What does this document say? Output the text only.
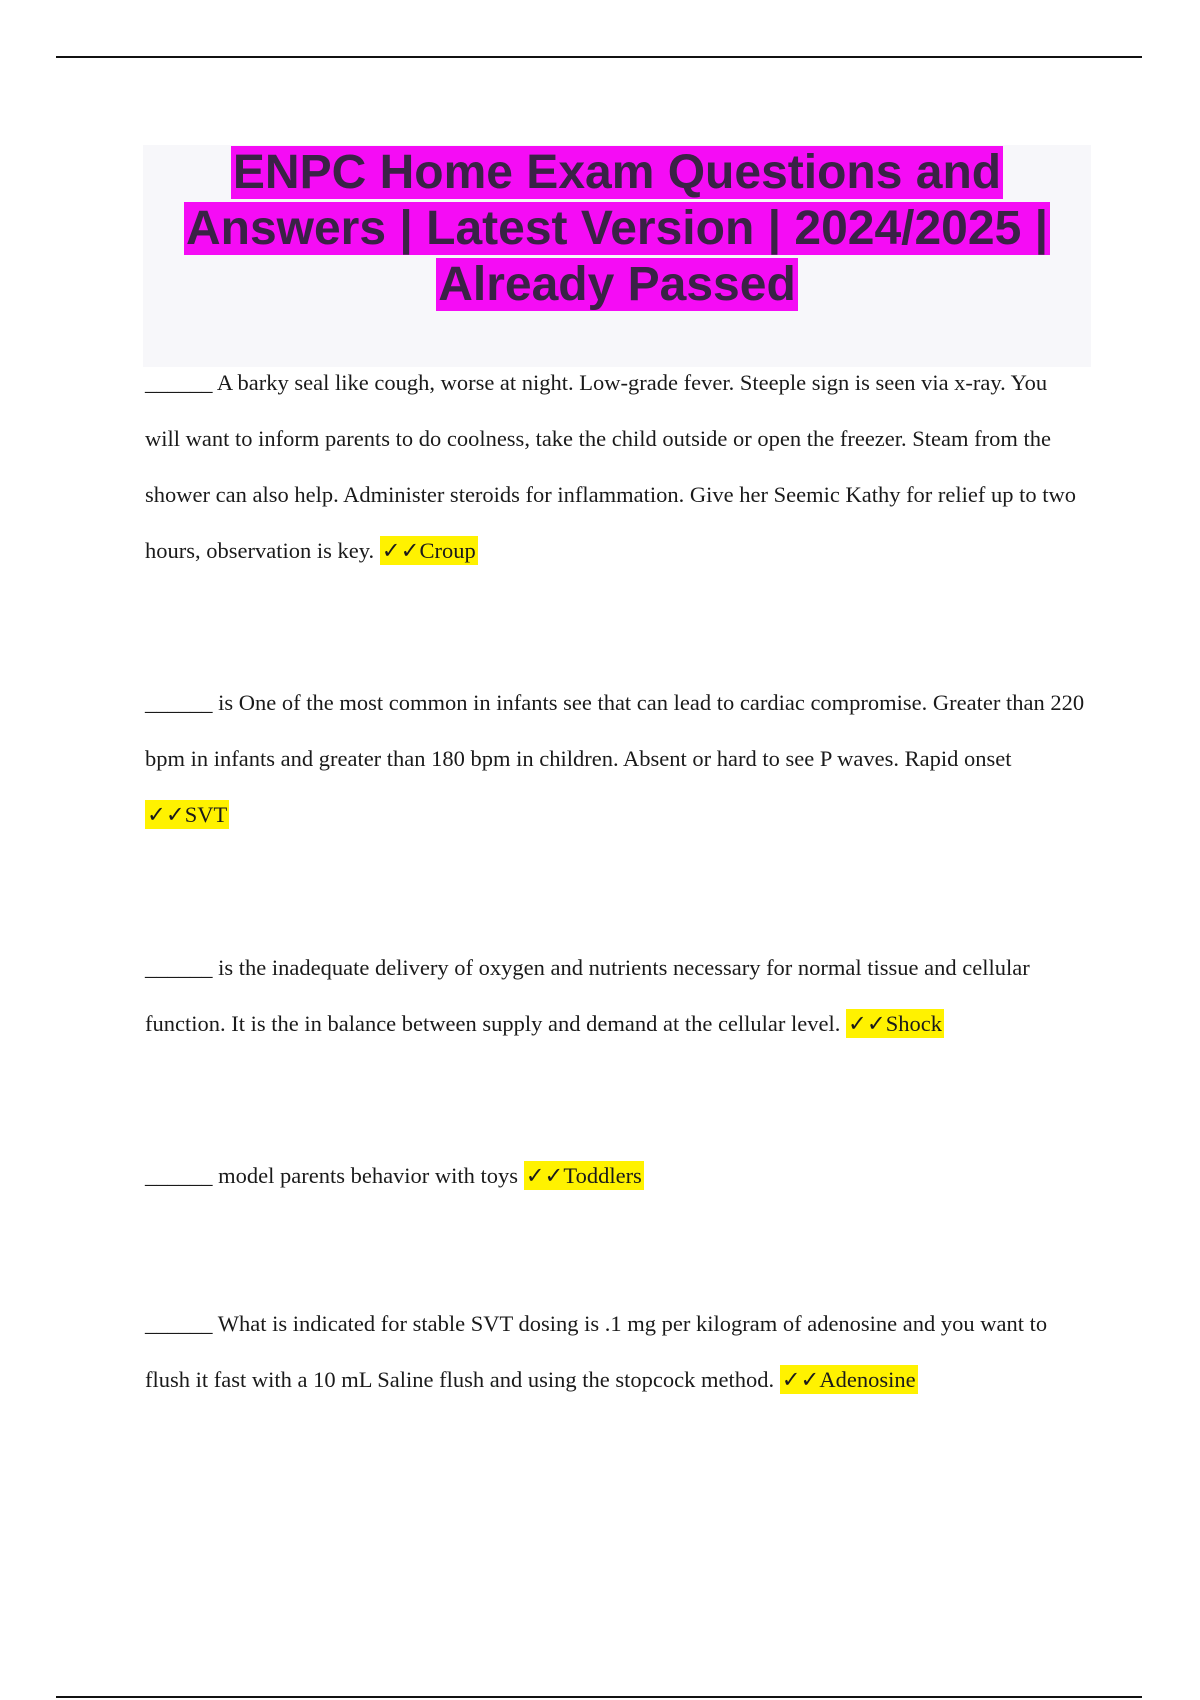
ENPC Home Exam Questions and
Answers | Latest Version | 2024/2025 |
Already Passed

______ A barky seal like cough, worse at night. Low-grade fever. Steeple sign is seen via x-ray. You will want to inform parents to do coolness, take the child outside or open the freezer. Steam from the shower can also help. Administer steroids for inflammation. Give her Seemic Kathy for relief up to two hours, observation is key. ✓✓Croup

______ is One of the most common in infants see that can lead to cardiac compromise. Greater than 220 bpm in infants and greater than 180 bpm in children. Absent or hard to see P waves. Rapid onset ✓✓SVT

______ is the inadequate delivery of oxygen and nutrients necessary for normal tissue and cellular function. It is the in balance between supply and demand at the cellular level. ✓✓Shock

______ model parents behavior with toys ✓✓Toddlers

______ What is indicated for stable SVT dosing is .1 mg per kilogram of adenosine and you want to flush it fast with a 10 mL Saline flush and using the stopcock method. ✓✓Adenosine
